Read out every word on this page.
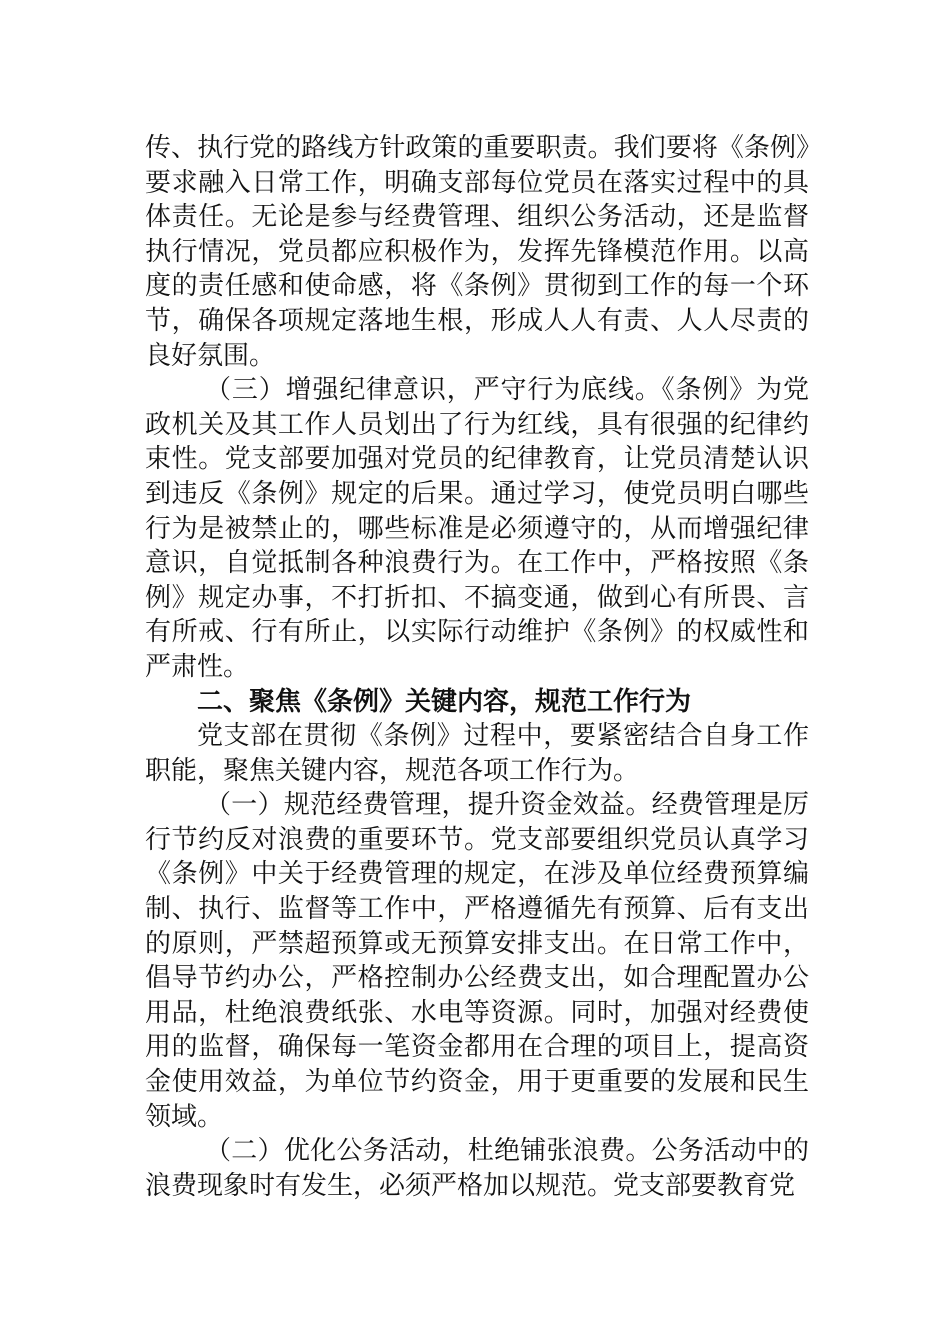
传、执行党的路线方针政策的重要职责。我们要将《条例》要求融入日常工作，明确支部每位党员在落实过程中的具体责任。无论是参与经费管理、组织公务活动，还是监督执行情况，党员都应积极作为，发挥先锋模范作用。以高度的责任感和使命感，将《条例》贯彻到工作的每一个环节，确保各项规定落地生根，形成人人有责、人人尽责的良好氛围。

（三）增强纪律意识，严守行为底线。《条例》为党政机关及其工作人员划出了行为红线，具有很强的纪律约束性。党支部要加强对党员的纪律教育，让党员清楚认识到违反《条例》规定的后果。通过学习，使党员明白哪些行为是被禁止的，哪些标准是必须遵守的，从而增强纪律意识，自觉抵制各种浪费行为。在工作中，严格按照《条例》规定办事，不打折扣、不搞变通，做到心有所畏、言有所戒、行有所止，以实际行动维护《条例》的权威性和严肃性。

二、聚焦《条例》关键内容，规范工作行为

党支部在贯彻《条例》过程中，要紧密结合自身工作职能，聚焦关键内容，规范各项工作行为。

（一）规范经费管理，提升资金效益。经费管理是厉行节约反对浪费的重要环节。党支部要组织党员认真学习《条例》中关于经费管理的规定，在涉及单位经费预算编制、执行、监督等工作中，严格遵循先有预算、后有支出的原则，严禁超预算或无预算安排支出。在日常工作中，倡导节约办公，严格控制办公经费支出，如合理配置办公用品，杜绝浪费纸张、水电等资源。同时，加强对经费使用的监督，确保每一笔资金都用在合理的项目上，提高资金使用效益，为单位节约资金，用于更重要的发展和民生领域。

（二）优化公务活动，杜绝铺张浪费。公务活动中的浪费现象时有发生，必须严格加以规范。党支部要教育党
